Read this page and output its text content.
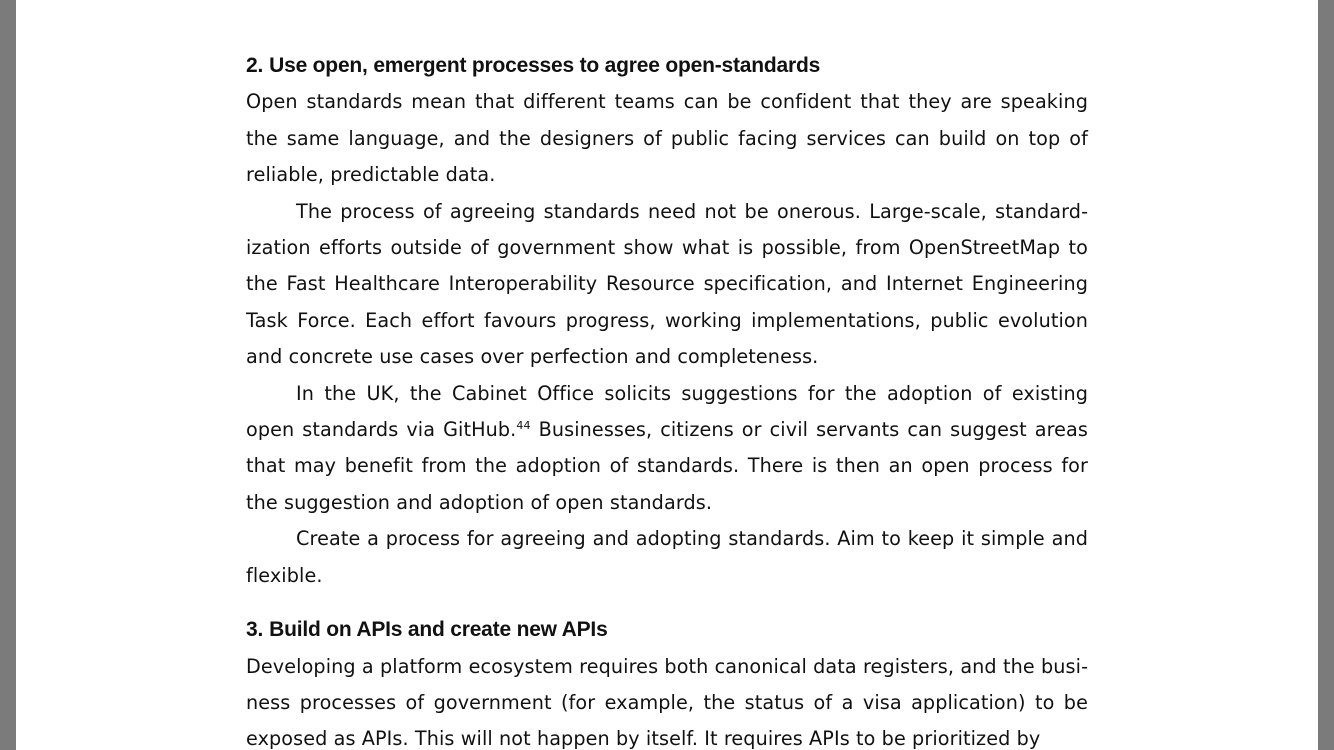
2. Use open, emergent processes to agree open-standards

Open standards mean that different teams can be confident that they are speaking the same language, and the designers of public facing services can build on top of reliable, predictable data.

The process of agreeing standards need not be onerous. Large-scale, standardization efforts outside of government show what is possible, from OpenStreetMap to the Fast Healthcare Interoperability Resource specification, and Internet Engineering Task Force. Each effort favours progress, working implementations, public evolution and concrete use cases over perfection and completeness.

In the UK, the Cabinet Office solicits suggestions for the adoption of existing open standards via GitHub.$^{44}$ Businesses, citizens or civil servants can suggest areas that may benefit from the adoption of standards. There is then an open process for the suggestion and adoption of open standards.

Create a process for agreeing and adopting standards. Aim to keep it simple and flexible.

3. Build on APIs and create new APIs

Developing a platform ecosystem requires both canonical data registers, and the business processes of government (for example, the status of a visa application) to be exposed as APIs. This will not happen by itself. It requires APIs to be prioritized by
